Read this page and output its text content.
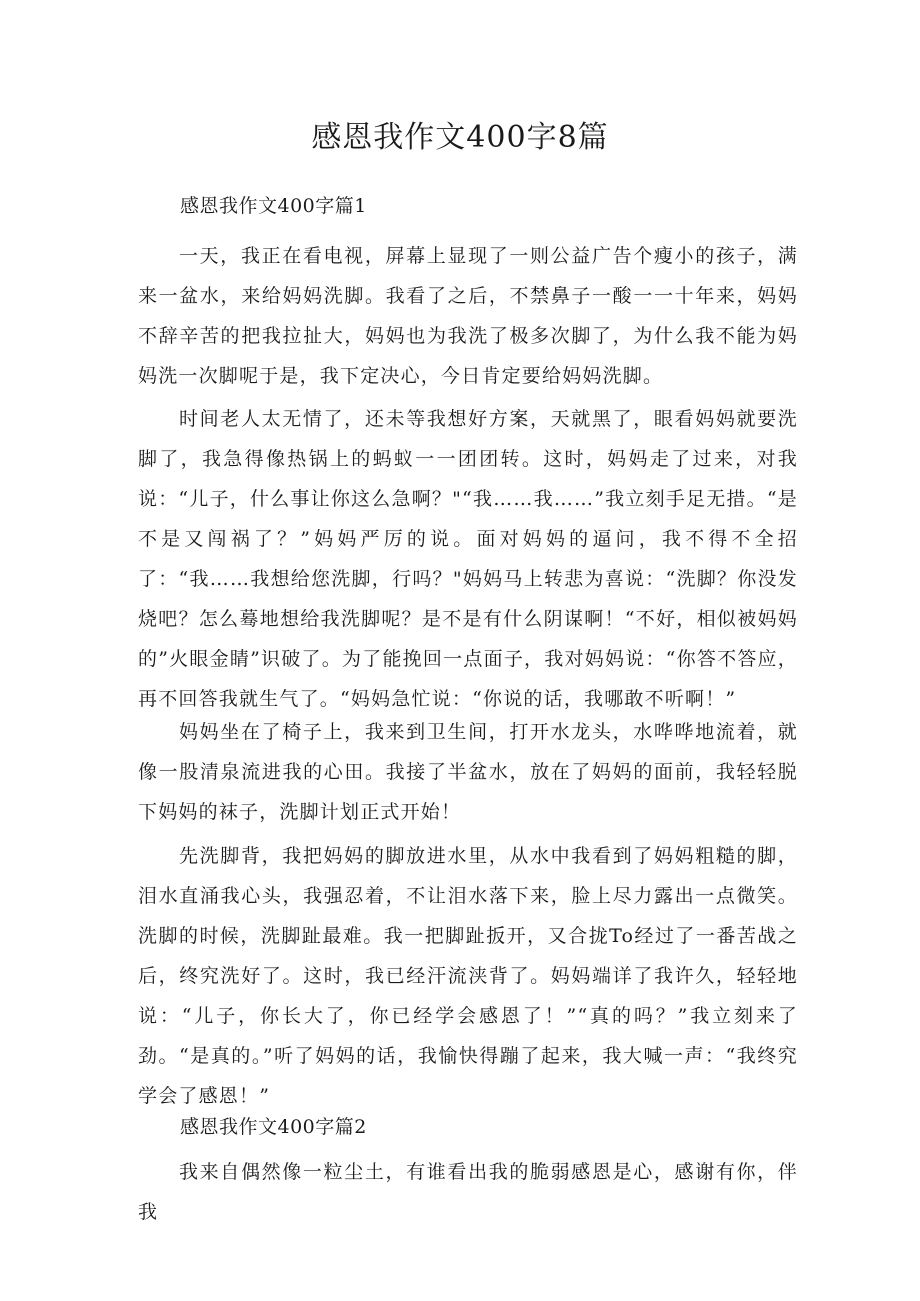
感恩我作文400字8篇
感恩我作文400字篇1

一天，我正在看电视，屏幕上显现了一则公益广告个瘦小的孩子，满来一盆水，来给妈妈洗脚。我看了之后，不禁鼻子一酸一一十年来，妈妈不辞辛苦的把我拉扯大，妈妈也为我洗了极多次脚了，为什么我不能为妈妈洗一次脚呢于是，我下定决心，今日肯定要给妈妈洗脚。

时间老人太无情了，还未等我想好方案，天就黑了，眼看妈妈就要洗脚了，我急得像热锅上的蚂蚁一一团团转。这时，妈妈走了过来，对我说：“儿子，什么事让你这么急啊？"“我……我……”我立刻手足无措。“是不是又闯祸了？”妈妈严厉的说。面对妈妈的逼问，我不得不全招了：“我……我想给您洗脚，行吗？"妈妈马上转悲为喜说：“洗脚？你没发烧吧？怎么蓦地想给我洗脚呢？是不是有什么阴谋啊！“不好，相似被妈妈的”火眼金睛”识破了。为了能挽回一点面子，我对妈妈说：“你答不答应，再不回答我就生气了。“妈妈急忙说：“你说的话，我哪敢不听啊！”

妈妈坐在了椅子上，我来到卫生间，打开水龙头，水哗哗地流着，就像一股清泉流进我的心田。我接了半盆水，放在了妈妈的面前，我轻轻脱下妈妈的袜子，洗脚计划正式开始！

先洗脚背，我把妈妈的脚放进水里，从水中我看到了妈妈粗糙的脚，泪水直涌我心头，我强忍着，不让泪水落下来，脸上尽力露出一点微笑。洗脚的时候，洗脚趾最难。我一把脚趾扳开，又合拢To经过了一番苦战之后，终究洗好了。这时，我已经汗流浃背了。妈妈端详了我许久，轻轻地说：“儿子，你长大了，你已经学会感恩了！”“真的吗？”我立刻来了劲。“是真的。”听了妈妈的话，我愉快得蹦了起来，我大喊一声：“我终究学会了感恩！”

感恩我作文400字篇2

我来自偶然像一粒尘土，有谁看出我的脆弱感恩是心，感谢有你，伴我
